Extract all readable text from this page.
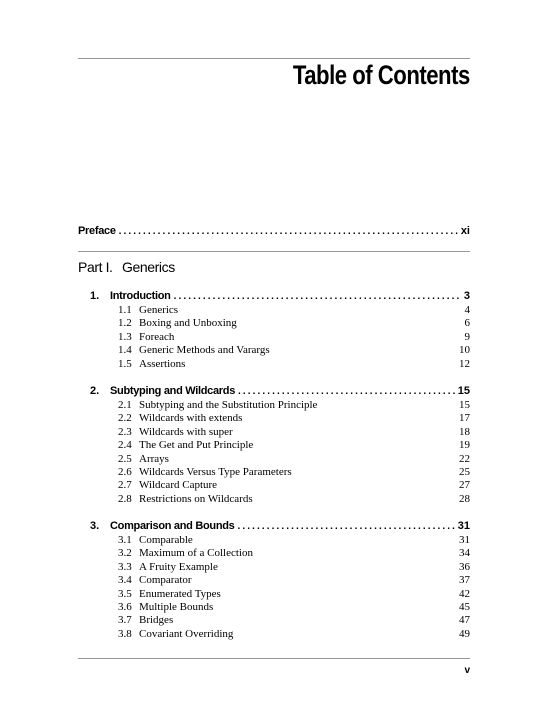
Table of Contents
Preface .....	xi
Part I. Generics
1. Introduction .....	3
1.1 Generics	4
1.2 Boxing and Unboxing	6
1.3 Foreach	9
1.4 Generic Methods and Varargs	10
1.5 Assertions	12
2. Subtyping and Wildcards .....	15
2.1 Subtyping and the Substitution Principle	15
2.2 Wildcards with extends	17
2.3 Wildcards with super	18
2.4 The Get and Put Principle	19
2.5 Arrays	22
2.6 Wildcards Versus Type Parameters	25
2.7 Wildcard Capture	27
2.8 Restrictions on Wildcards	28
3. Comparison and Bounds .....	31
3.1 Comparable	31
3.2 Maximum of a Collection	34
3.3 A Fruity Example	36
3.4 Comparator	37
3.5 Enumerated Types	42
3.6 Multiple Bounds	45
3.7 Bridges	47
3.8 Covariant Overriding	49
v
